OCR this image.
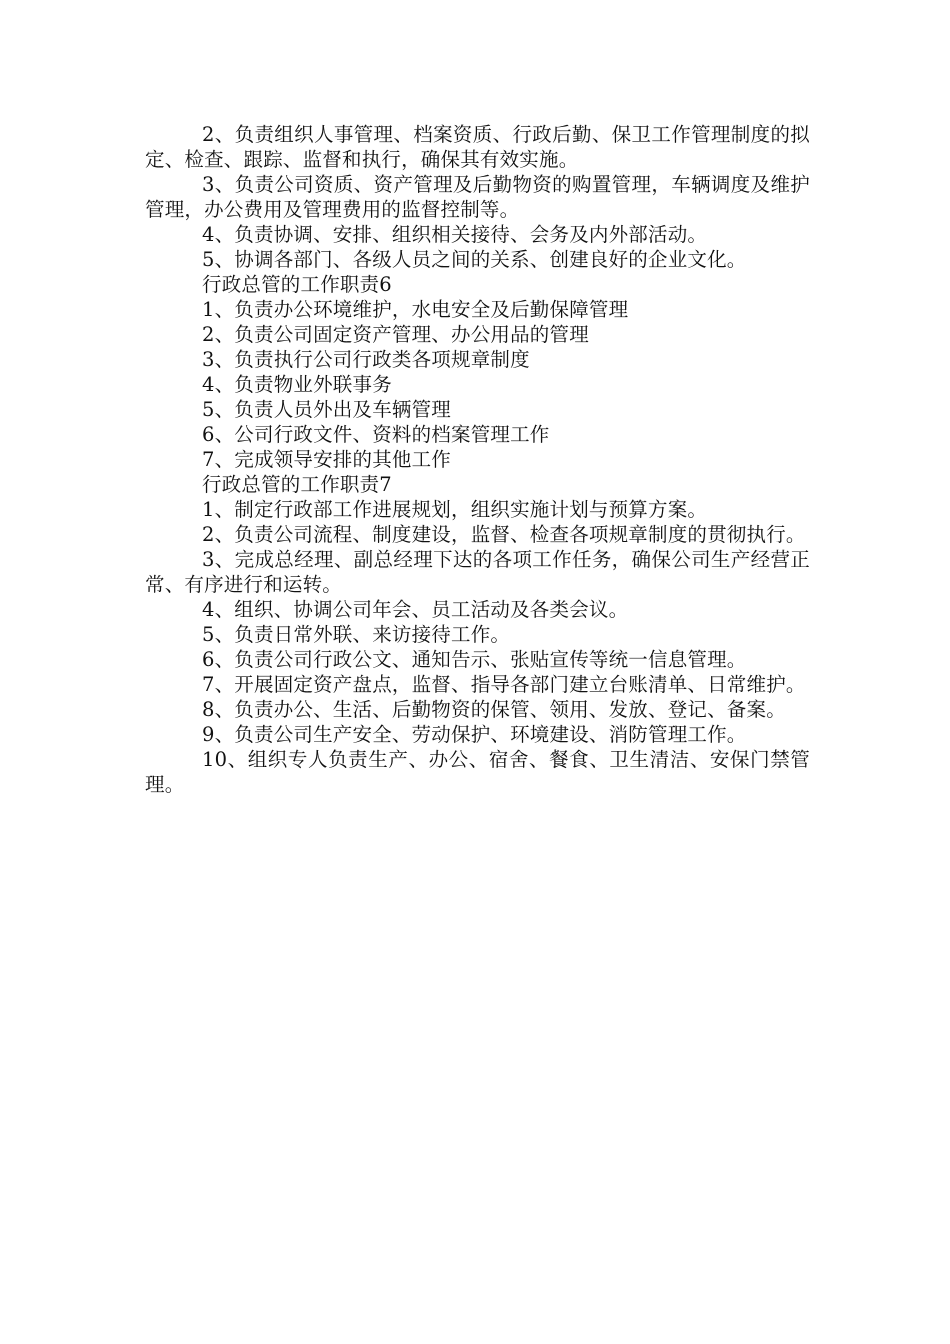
2、负责组织人事管理、档案资质、行政后勤、保卫工作管理制度的拟定、检查、跟踪、监督和执行，确保其有效实施。

3、负责公司资质、资产管理及后勤物资的购置管理，车辆调度及维护管理，办公费用及管理费用的监督控制等。

4、负责协调、安排、组织相关接待、会务及内外部活动。

5、协调各部门、各级人员之间的关系、创建良好的企业文化。

行政总管的工作职责6

1、负责办公环境维护，水电安全及后勤保障管理

2、负责公司固定资产管理、办公用品的管理

3、负责执行公司行政类各项规章制度

4、负责物业外联事务

5、负责人员外出及车辆管理

6、公司行政文件、资料的档案管理工作

7、完成领导安排的其他工作

行政总管的工作职责7

1、制定行政部工作进展规划，组织实施计划与预算方案。

2、负责公司流程、制度建设，监督、检查各项规章制度的贯彻执行。

3、完成总经理、副总经理下达的各项工作任务，确保公司生产经营正常、有序进行和运转。

4、组织、协调公司年会、员工活动及各类会议。

5、负责日常外联、来访接待工作。

6、负责公司行政公文、通知告示、张贴宣传等统一信息管理。

7、开展固定资产盘点，监督、指导各部门建立台账清单、日常维护。

8、负责办公、生活、后勤物资的保管、领用、发放、登记、备案。

9、负责公司生产安全、劳动保护、环境建设、消防管理工作。

10、组织专人负责生产、办公、宿舍、餐食、卫生清洁、安保门禁管理。
